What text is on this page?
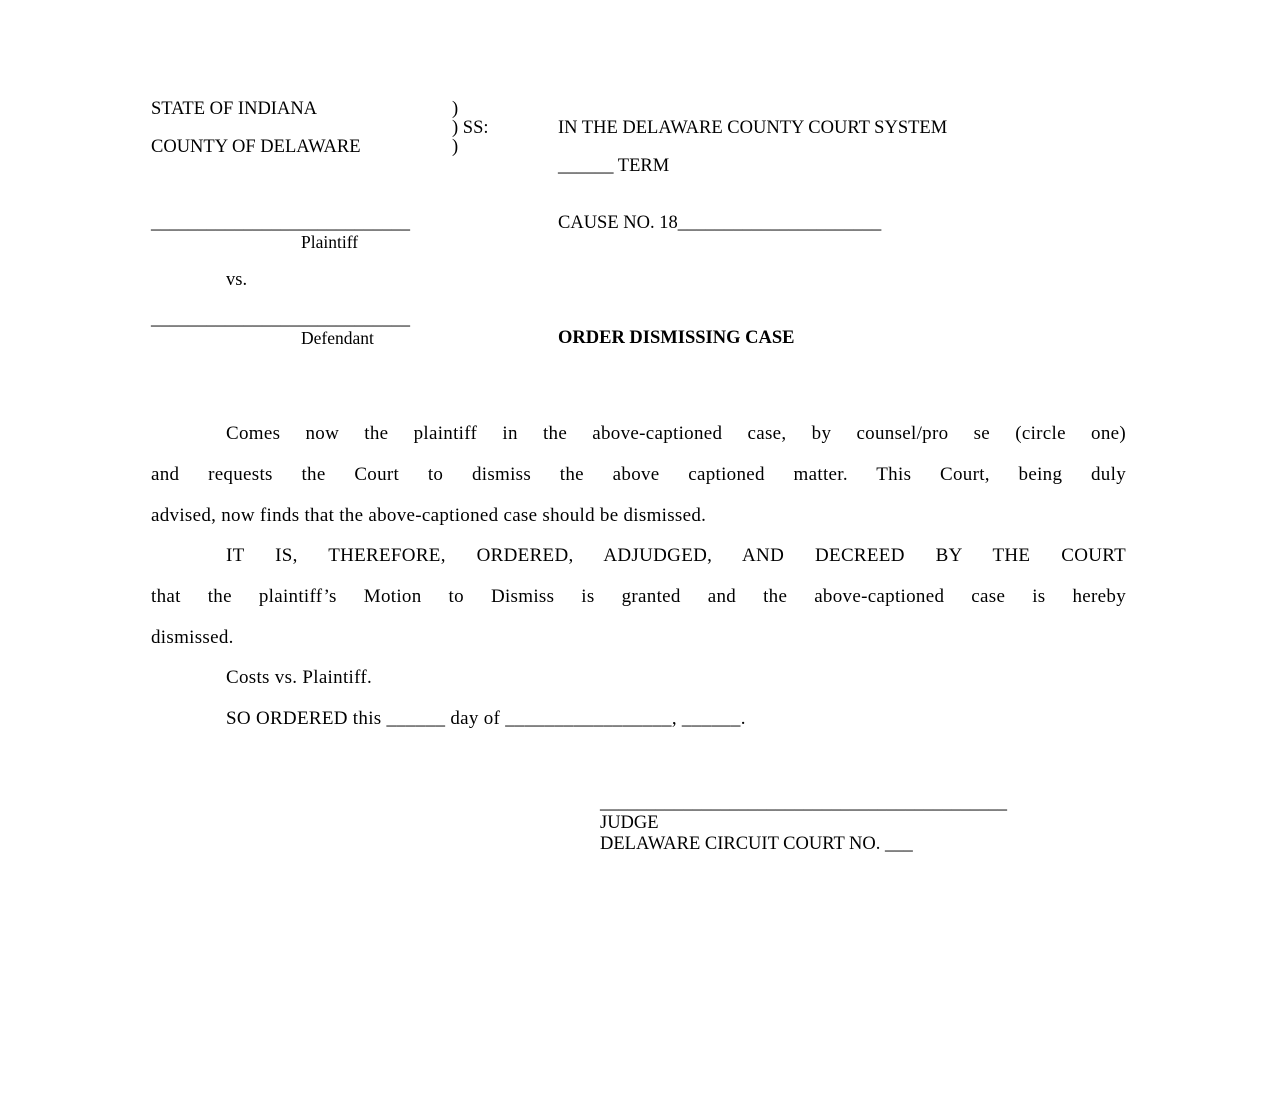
STATE OF INDIANA	)
) SS:
COUNTY OF DELAWARE	)
IN THE DELAWARE COUNTY COURT SYSTEM
______ TERM
____________________________
Plaintiff
vs.
____________________________
Defendant
CAUSE NO. 18______________________
ORDER DISMISSING CASE
Comes now the plaintiff in the above-captioned case, by counsel/pro se (circle one)
and requests the Court to dismiss the above captioned matter. This Court, being duly
advised, now finds that the above-captioned case should be dismissed.
IT IS, THEREFORE, ORDERED, ADJUDGED, AND DECREED BY THE COURT
that the plaintiff’s Motion to Dismiss is granted and the above-captioned case is hereby
dismissed.
Costs vs. Plaintiff.
SO ORDERED this ______ day of _________________, ______.
____________________________________________
JUDGE
DELAWARE CIRCUIT COURT NO. ___
